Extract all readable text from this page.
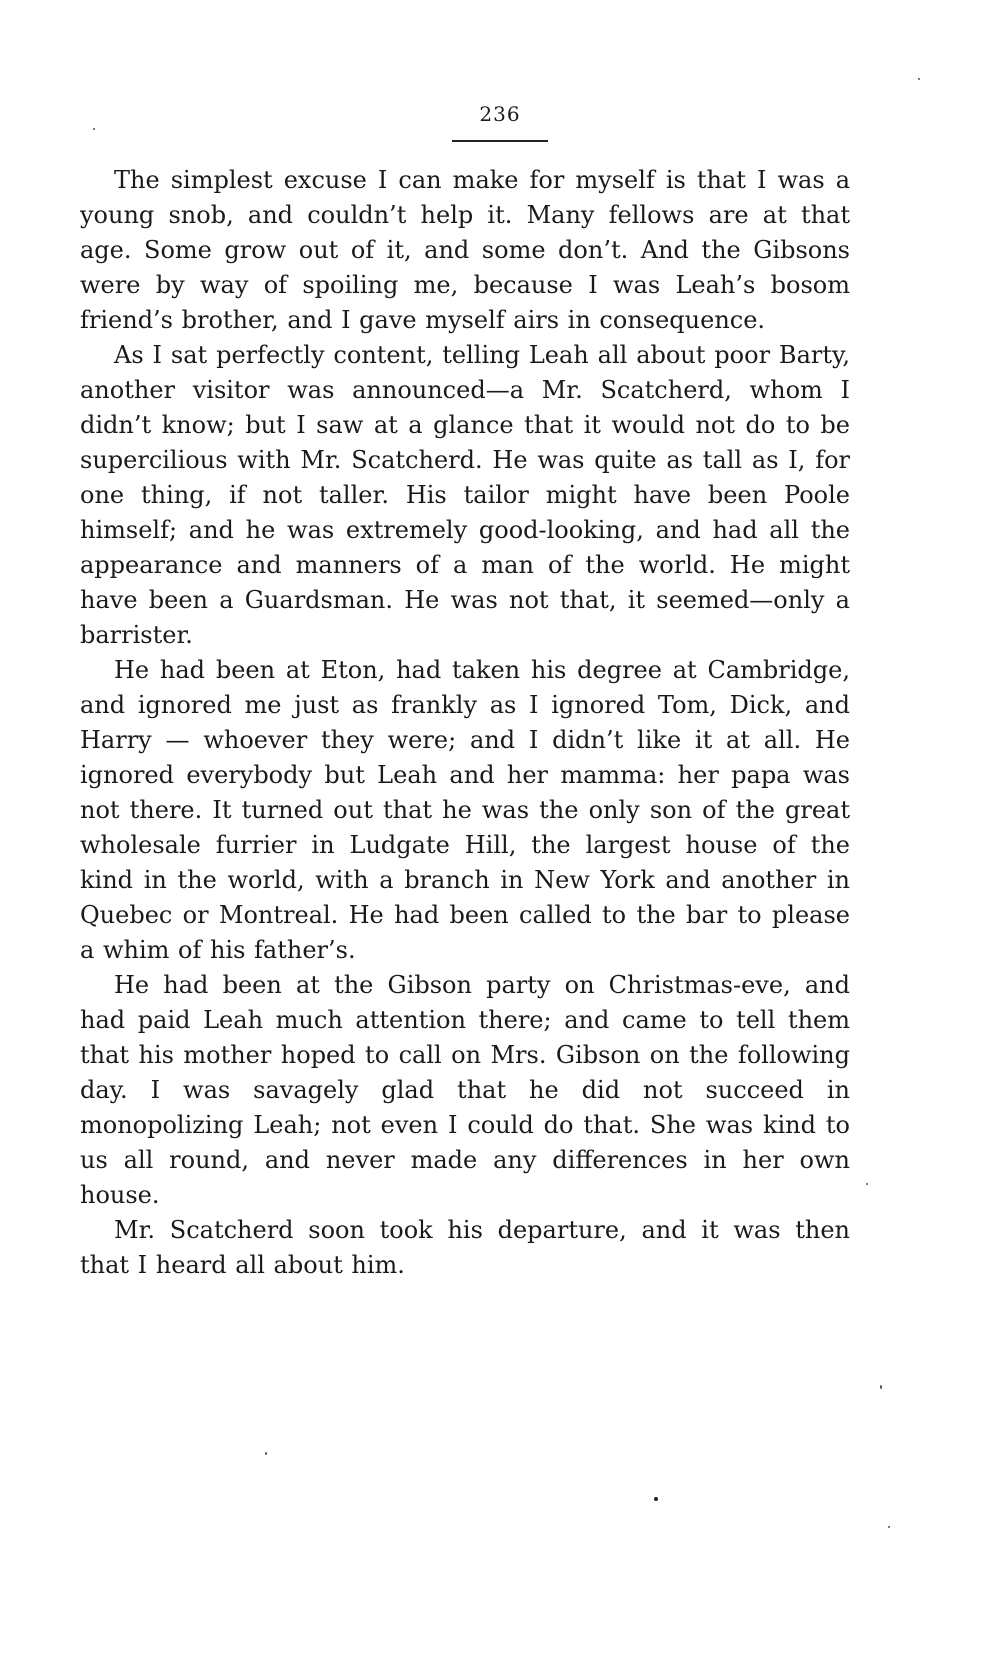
236

The simplest excuse I can make for myself is that I was a young snob, and couldn’t help it. Many fellows are at that age. Some grow out of it, and some don’t. And the Gibsons were by way of spoiling me, because I was Leah’s bosom friend’s brother, and I gave myself airs in consequence.

As I sat perfectly content, telling Leah all about poor Barty, another visitor was announced—a Mr. Scatcherd, whom I didn’t know; but I saw at a glance that it would not do to be supercilious with Mr. Scatcherd. He was quite as tall as I, for one thing, if not taller. His tailor might have been Poole himself; and he was extremely good-looking, and had all the appearance and manners of a man of the world. He might have been a Guardsman. He was not that, it seemed—only a barrister.

He had been at Eton, had taken his degree at Cambridge, and ignored me just as frankly as I ignored Tom, Dick, and Harry — whoever they were; and I didn’t like it at all. He ignored everybody but Leah and her mamma: her papa was not there. It turned out that he was the only son of the great wholesale furrier in Ludgate Hill, the largest house of the kind in the world, with a branch in New York and another in Quebec or Montreal. He had been called to the bar to please a whim of his father’s.

He had been at the Gibson party on Christmas-eve, and had paid Leah much attention there; and came to tell them that his mother hoped to call on Mrs. Gibson on the following day. I was savagely glad that he did not succeed in monopolizing Leah; not even I could do that. She was kind to us all round, and never made any differences in her own house.

Mr. Scatcherd soon took his departure, and it was then that I heard all about him.
